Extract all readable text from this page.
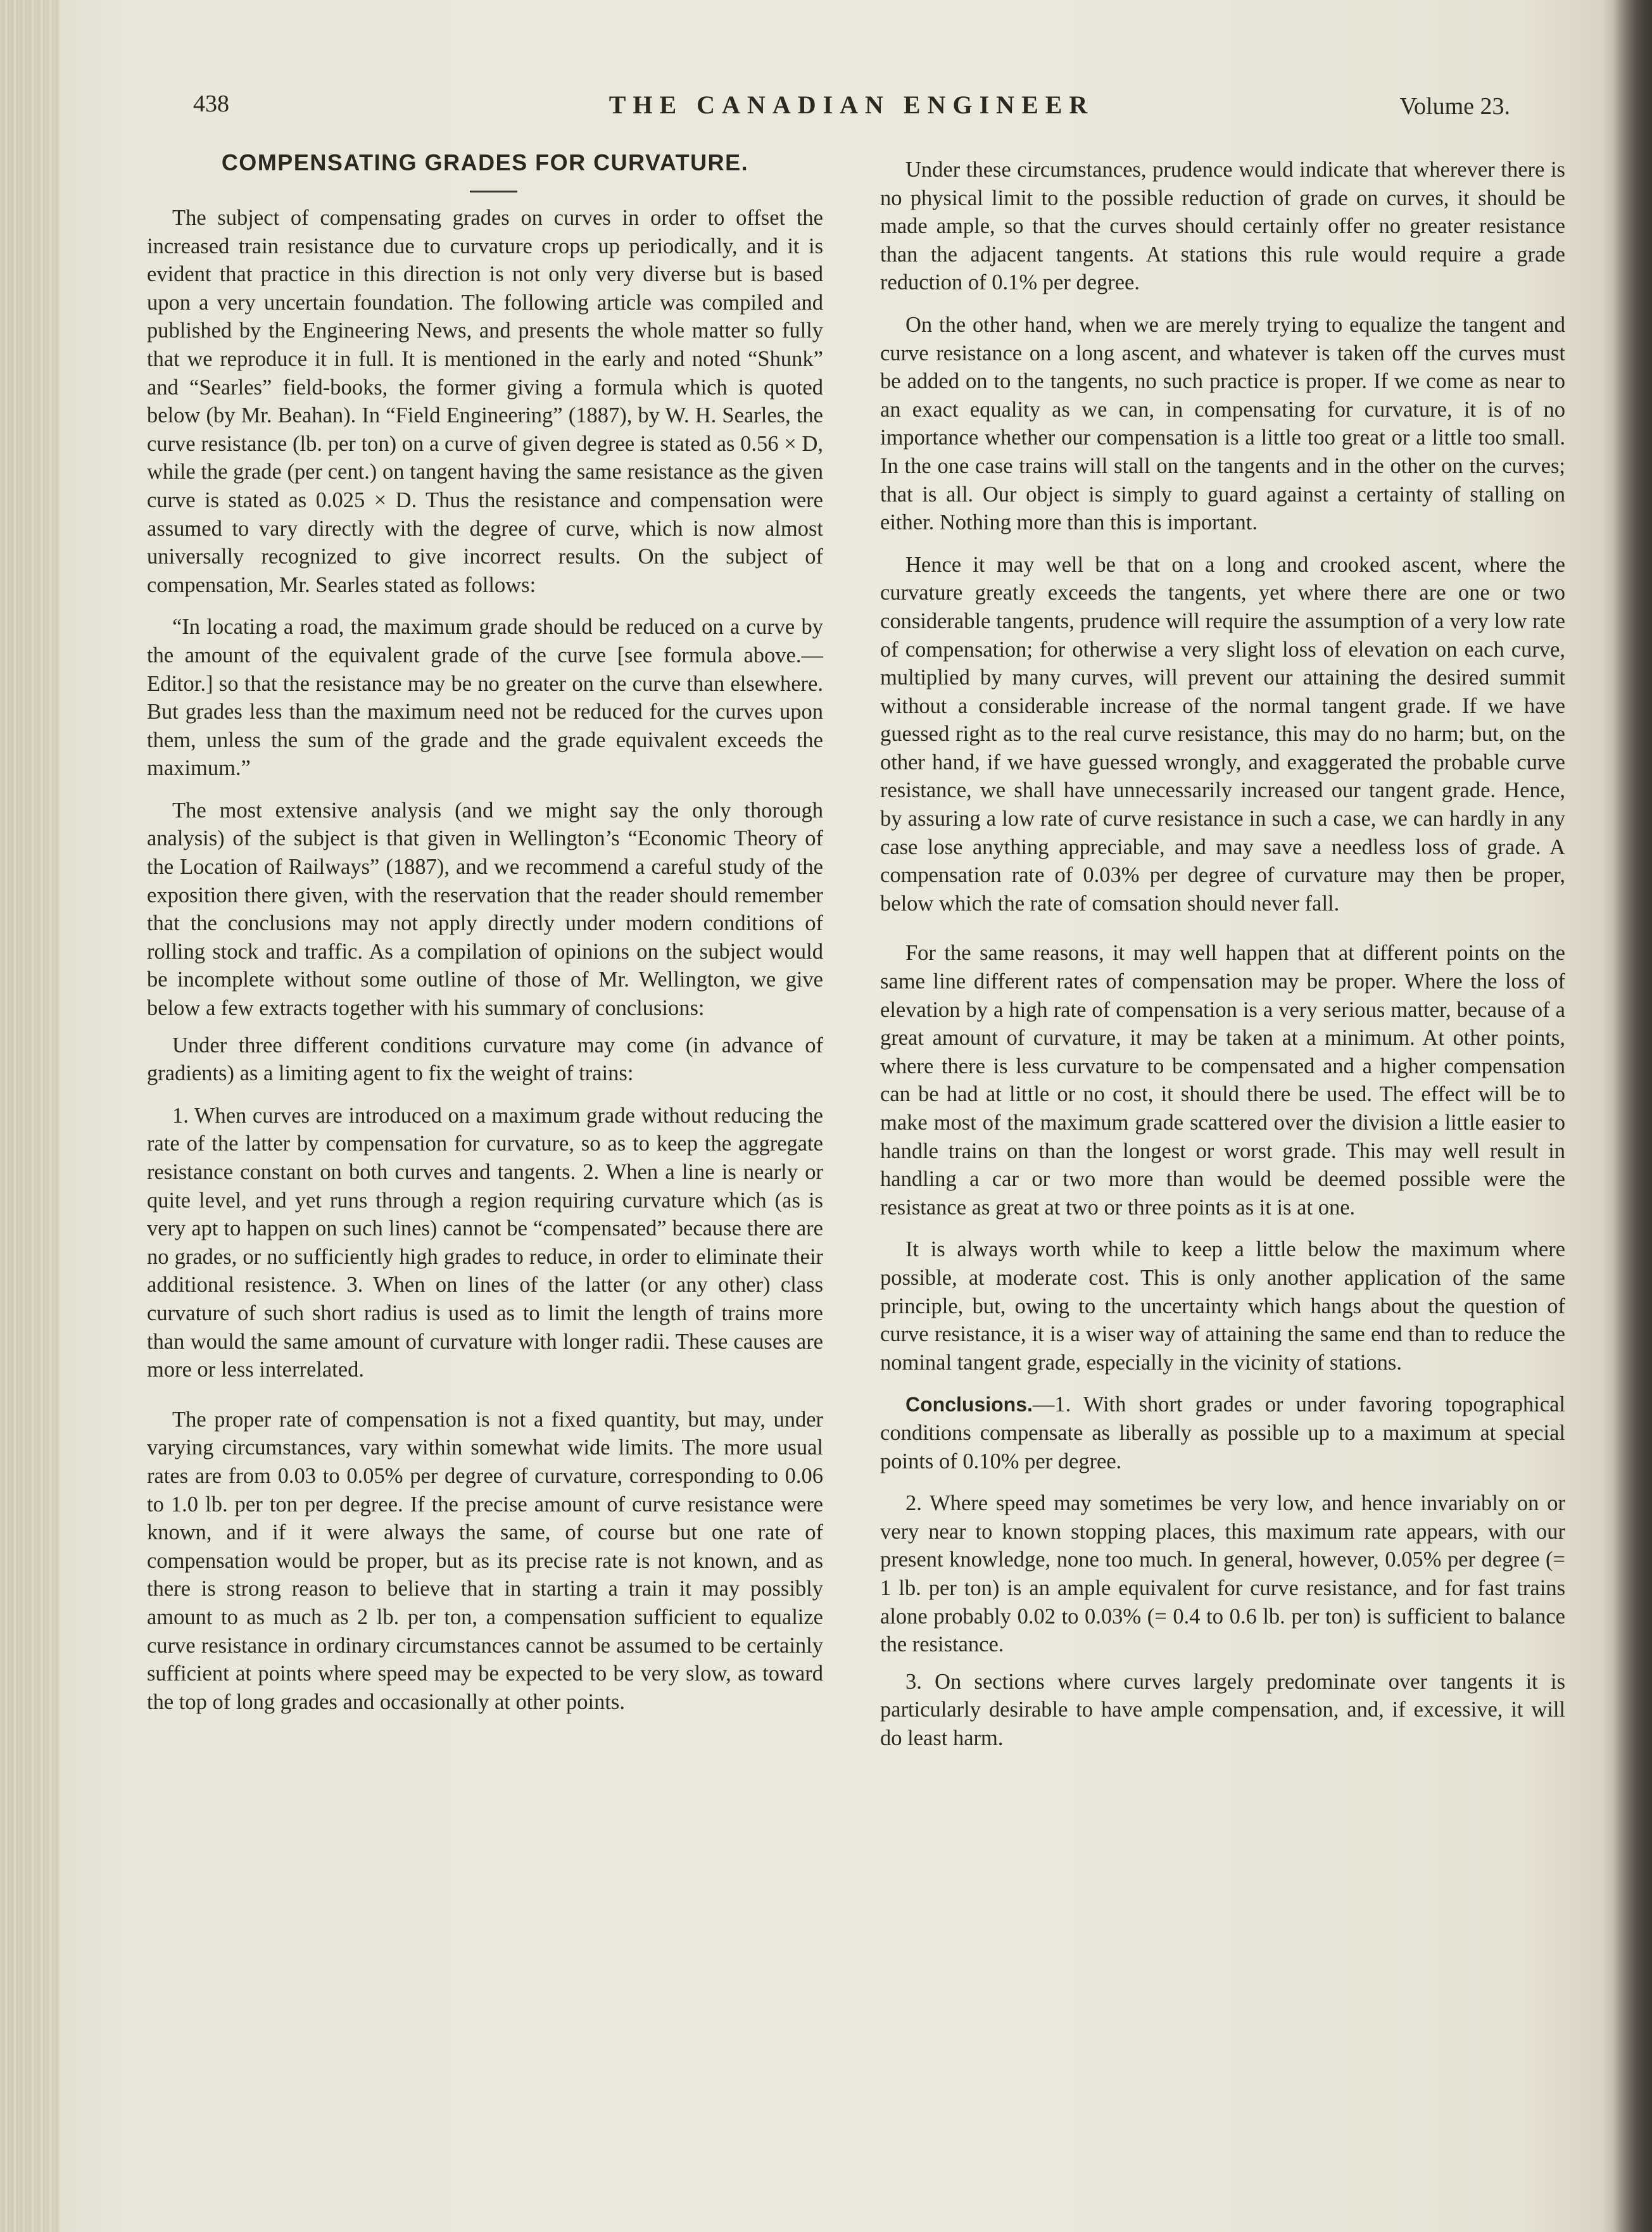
438	THE CANADIAN ENGINEER	Volume 23.
COMPENSATING GRADES FOR CURVATURE.

The subject of compensating grades on curves in order to offset the increased train resistance due to curvature crops up periodically, and it is evident that practice in this direction is not only very diverse but is based upon a very uncertain foundation. The following article was compiled and published by the Engineering News, and presents the whole matter so fully that we reproduce it in full. It is mentioned in the early and noted “Shunk” and “Searles” field-books, the former giving a formula which is quoted below (by Mr. Beahan). In “Field Engineering” (1887), by W. H. Searles, the curve resistance (lb. per ton) on a curve of given degree is stated as 0.56 × D, while the grade (per cent.) on tangent having the same resistance as the given curve is stated as 0.025 × D. Thus the resistance and compensation were assumed to vary directly with the degree of curve, which is now almost universally recognized to give incorrect results. On the subject of compensation, Mr. Searles stated as follows:

“In locating a road, the maximum grade should be reduced on a curve by the amount of the equivalent grade of the curve [see formula above.—Editor.] so that the resistance may be no greater on the curve than elsewhere. But grades less than the maximum need not be reduced for the curves upon them, unless the sum of the grade and the grade equivalent exceeds the maximum.”

The most extensive analysis (and we might say the only thorough analysis) of the subject is that given in Wellington’s “Economic Theory of the Location of Railways” (1887), and we recommend a careful study of the exposition there given, with the reservation that the reader should remember that the conclusions may not apply directly under modern conditions of rolling stock and traffic. As a compilation of opinions on the subject would be incomplete without some outline of those of Mr. Wellington, we give below a few extracts together with his summary of conclusions:

Under three different conditions curvature may come (in advance of gradients) as a limiting agent to fix the weight of trains:

1. When curves are introduced on a maximum grade without reducing the rate of the latter by compensation for curvature, so as to keep the aggregate resistance constant on both curves and tangents. 2. When a line is nearly or quite level, and yet runs through a region requiring curvature which (as is very apt to happen on such lines) cannot be “compensated” because there are no grades, or no sufficiently high grades to reduce, in order to eliminate their additional resistence. 3. When on lines of the latter (or any other) class curvature of such short radius is used as to limit the length of trains more than would the same amount of curvature with longer radii. These causes are more or less interrelated.

The proper rate of compensation is not a fixed quantity, but may, under varying circumstances, vary within somewhat wide limits. The more usual rates are from 0.03 to 0.05% per degree of curvature, corresponding to 0.06 to 1.0 lb. per ton per degree. If the precise amount of curve resistance were known, and if it were always the same, of course but one rate of compensation would be proper, but as its precise rate is not known, and as there is strong reason to believe that in starting a train it may possibly amount to as much as 2 lb. per ton, a compensation sufficient to equalize curve resistance in ordinary circumstances cannot be assumed to be certainly sufficient at points where speed may be expected to be very slow, as toward the top of long grades and occasionally at other points.

Under these circumstances, prudence would indicate that wherever there is no physical limit to the possible reduction of grade on curves, it should be made ample, so that the curves should certainly offer no greater resistance than the adjacent tangents. At stations this rule would require a grade reduction of 0.1% per degree.

On the other hand, when we are merely trying to equalize the tangent and curve resistance on a long ascent, and whatever is taken off the curves must be added on to the tangents, no such practice is proper. If we come as near to an exact equality as we can, in compensating for curvature, it is of no importance whether our compensation is a little too great or a little too small. In the one case trains will stall on the tangents and in the other on the curves; that is all. Our object is simply to guard against a certainty of stalling on either. Nothing more than this is important.

Hence it may well be that on a long and crooked ascent, where the curvature greatly exceeds the tangents, yet where there are one or two considerable tangents, prudence will require the assumption of a very low rate of compensation; for otherwise a very slight loss of elevation on each curve, multiplied by many curves, will prevent our attaining the desired summit without a considerable increase of the normal tangent grade. If we have guessed right as to the real curve resistance, this may do no harm; but, on the other hand, if we have guessed wrongly, and exaggerated the probable curve resistance, we shall have unnecessarily increased our tangent grade. Hence, by assuring a low rate of curve resistance in such a case, we can hardly in any case lose anything appreciable, and may save a needless loss of grade. A compensation rate of 0.03% per degree of curvature may then be proper, below which the rate of comsation should never fall.

For the same reasons, it may well happen that at different points on the same line different rates of compensation may be proper. Where the loss of elevation by a high rate of compensation is a very serious matter, because of a great amount of curvature, it may be taken at a minimum. At other points, where there is less curvature to be compensated and a higher compensation can be had at little or no cost, it should there be used. The effect will be to make most of the maximum grade scattered over the division a little easier to handle trains on than the longest or worst grade. This may well result in handling a car or two more than would be deemed possible were the resistance as great at two or three points as it is at one.

It is always worth while to keep a little below the maximum where possible, at moderate cost. This is only another application of the same principle, but, owing to the uncertainty which hangs about the question of curve resistance, it is a wiser way of attaining the same end than to reduce the nominal tangent grade, especially in the vicinity of stations.

Conclusions.—1. With short grades or under favoring topographical conditions compensate as liberally as possible up to a maximum at special points of 0.10% per degree.

2. Where speed may sometimes be very low, and hence invariably on or very near to known stopping places, this maximum rate appears, with our present knowledge, none too much. In general, however, 0.05% per degree (= 1 lb. per ton) is an ample equivalent for curve resistance, and for fast trains alone probably 0.02 to 0.03% (= 0.4 to 0.6 lb. per ton) is sufficient to balance the resistance.

3. On sections where curves largely predominate over tangents it is particularly desirable to have ample compensation, and, if excessive, it will do least harm.
